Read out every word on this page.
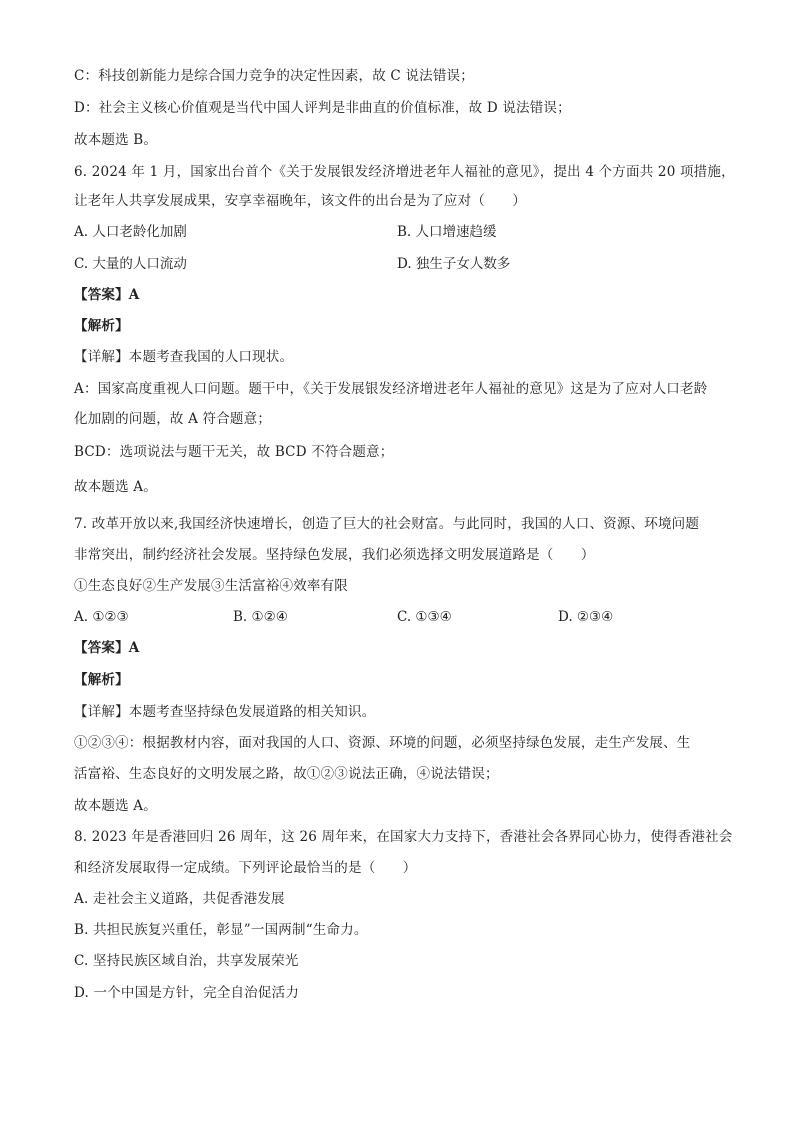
C：科技创新能力是综合国力竞争的决定性因素，故 C 说法错误；
D：社会主义核心价值观是当代中国人评判是非曲直的价值标准，故 D 说法错误；
故本题选 B。
6. 2024 年 1 月，国家出台首个《关于发展银发经济增进老年人福祉的意见》，提出 4 个方面共 20 项措施，
让老年人共享发展成果，安享幸福晚年，该文件的出台是为了应对（　　）
A. 人口老龄化加剧	B. 人口增速趋缓
C. 大量的人口流动	D. 独生子女人数多
【答案】A
【解析】
【详解】本题考查我国的人口现状。
A：国家高度重视人口问题。题干中，《关于发展银发经济增进老年人福祉的意见》这是为了应对人口老龄
化加剧的问题，故 A 符合题意；
BCD：选项说法与题干无关，故 BCD 不符合题意；
故本题选 A。
7. 改革开放以来,我国经济快速增长，创造了巨大的社会财富。与此同时，我国的人口、资源、环境问题
非常突出，制约经济社会发展。坚持绿色发展，我们必须选择文明发展道路是（　　）
①生态良好②生产发展③生活富裕④效率有限
A. ①②③	B. ①②④	C. ①③④	D. ②③④
【答案】A
【解析】
【详解】本题考查坚持绿色发展道路的相关知识。
①②③④：根据教材内容，面对我国的人口、资源、环境的问题，必须坚持绿色发展，走生产发展、生
活富裕、生态良好的文明发展之路，故①②③说法正确，④说法错误；
故本题选 A。
8. 2023 年是香港回归 26 周年，这 26 周年来，在国家大力支持下，香港社会各界同心协力，使得香港社会
和经济发展取得一定成绩。下列评论最恰当的是（　　）
A. 走社会主义道路，共促香港发展
B. 共担民族复兴重任，彰显”一国两制“生命力。
C. 坚持民族区域自治，共享发展荣光
D. 一个中国是方针，完全自治促活力
